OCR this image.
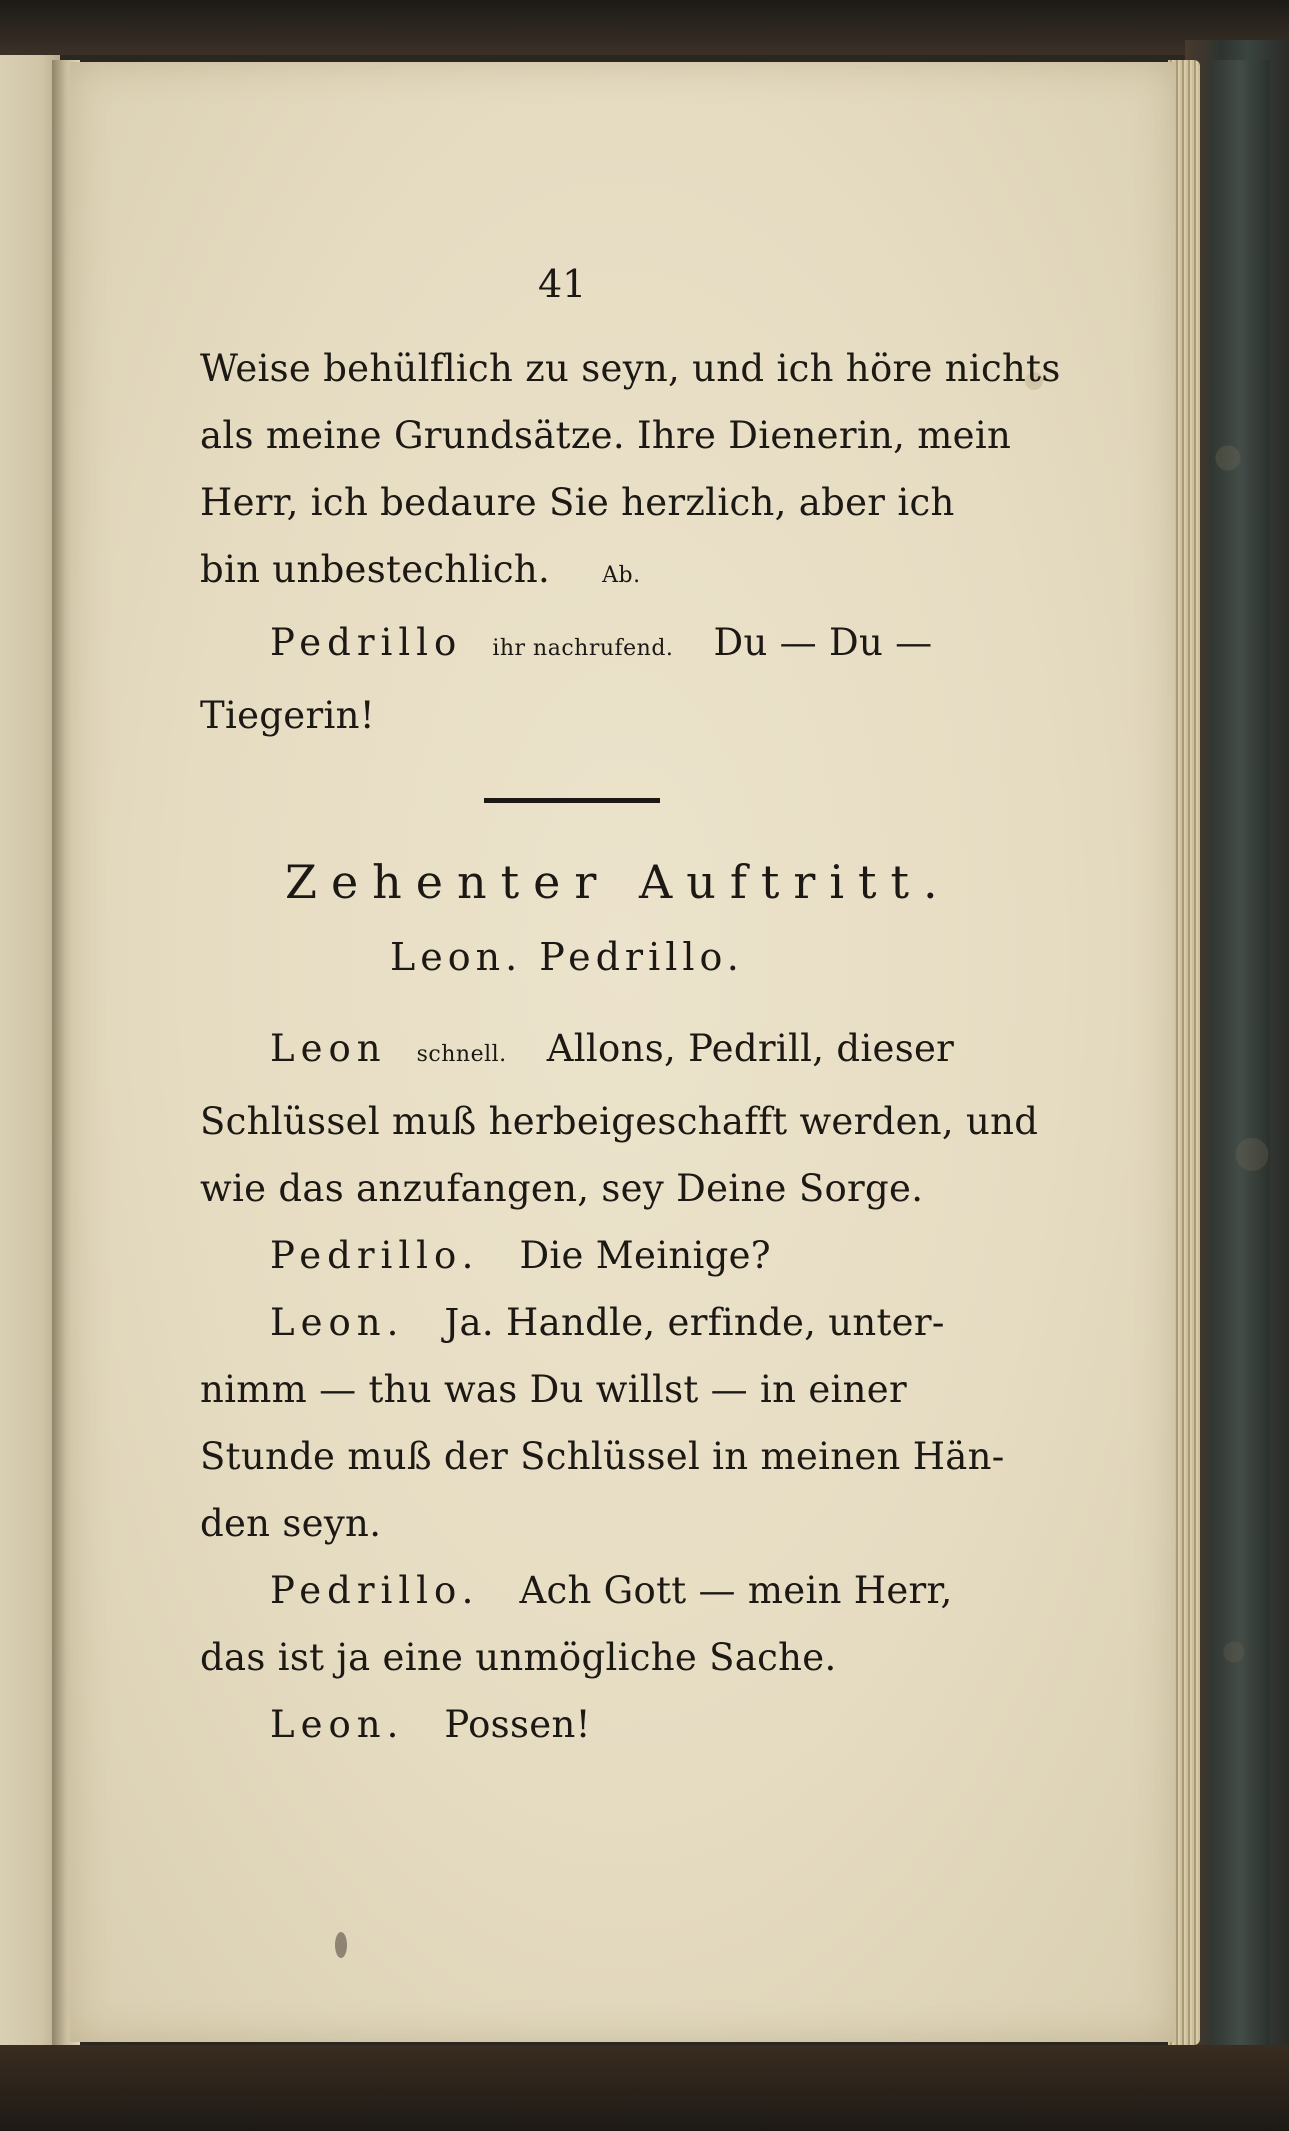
41
Weise behülflich zu seyn, und ich höre nichts
als meine Grundsätze. Ihre Dienerin, mein
Herr, ich bedaure Sie herzlich, aber ich
bin unbestechlich. Ab.
Pedrillo ihr nachrufend. Du — Du —
Tiegerin!
Zehenter Auftritt.
Leon. Pedrillo.
Leon schnell. Allons, Pedrill, dieser
Schlüssel muß herbeigeschafft werden, und
wie das anzufangen, sey Deine Sorge.
Pedrillo. Die Meinige?
Leon. Ja. Handle, erfinde, unter-
nimm — thu was Du willst — in einer
Stunde muß der Schlüssel in meinen Hän-
den seyn.
Pedrillo. Ach Gott — mein Herr,
das ist ja eine unmögliche Sache.
Leon. Possen!
